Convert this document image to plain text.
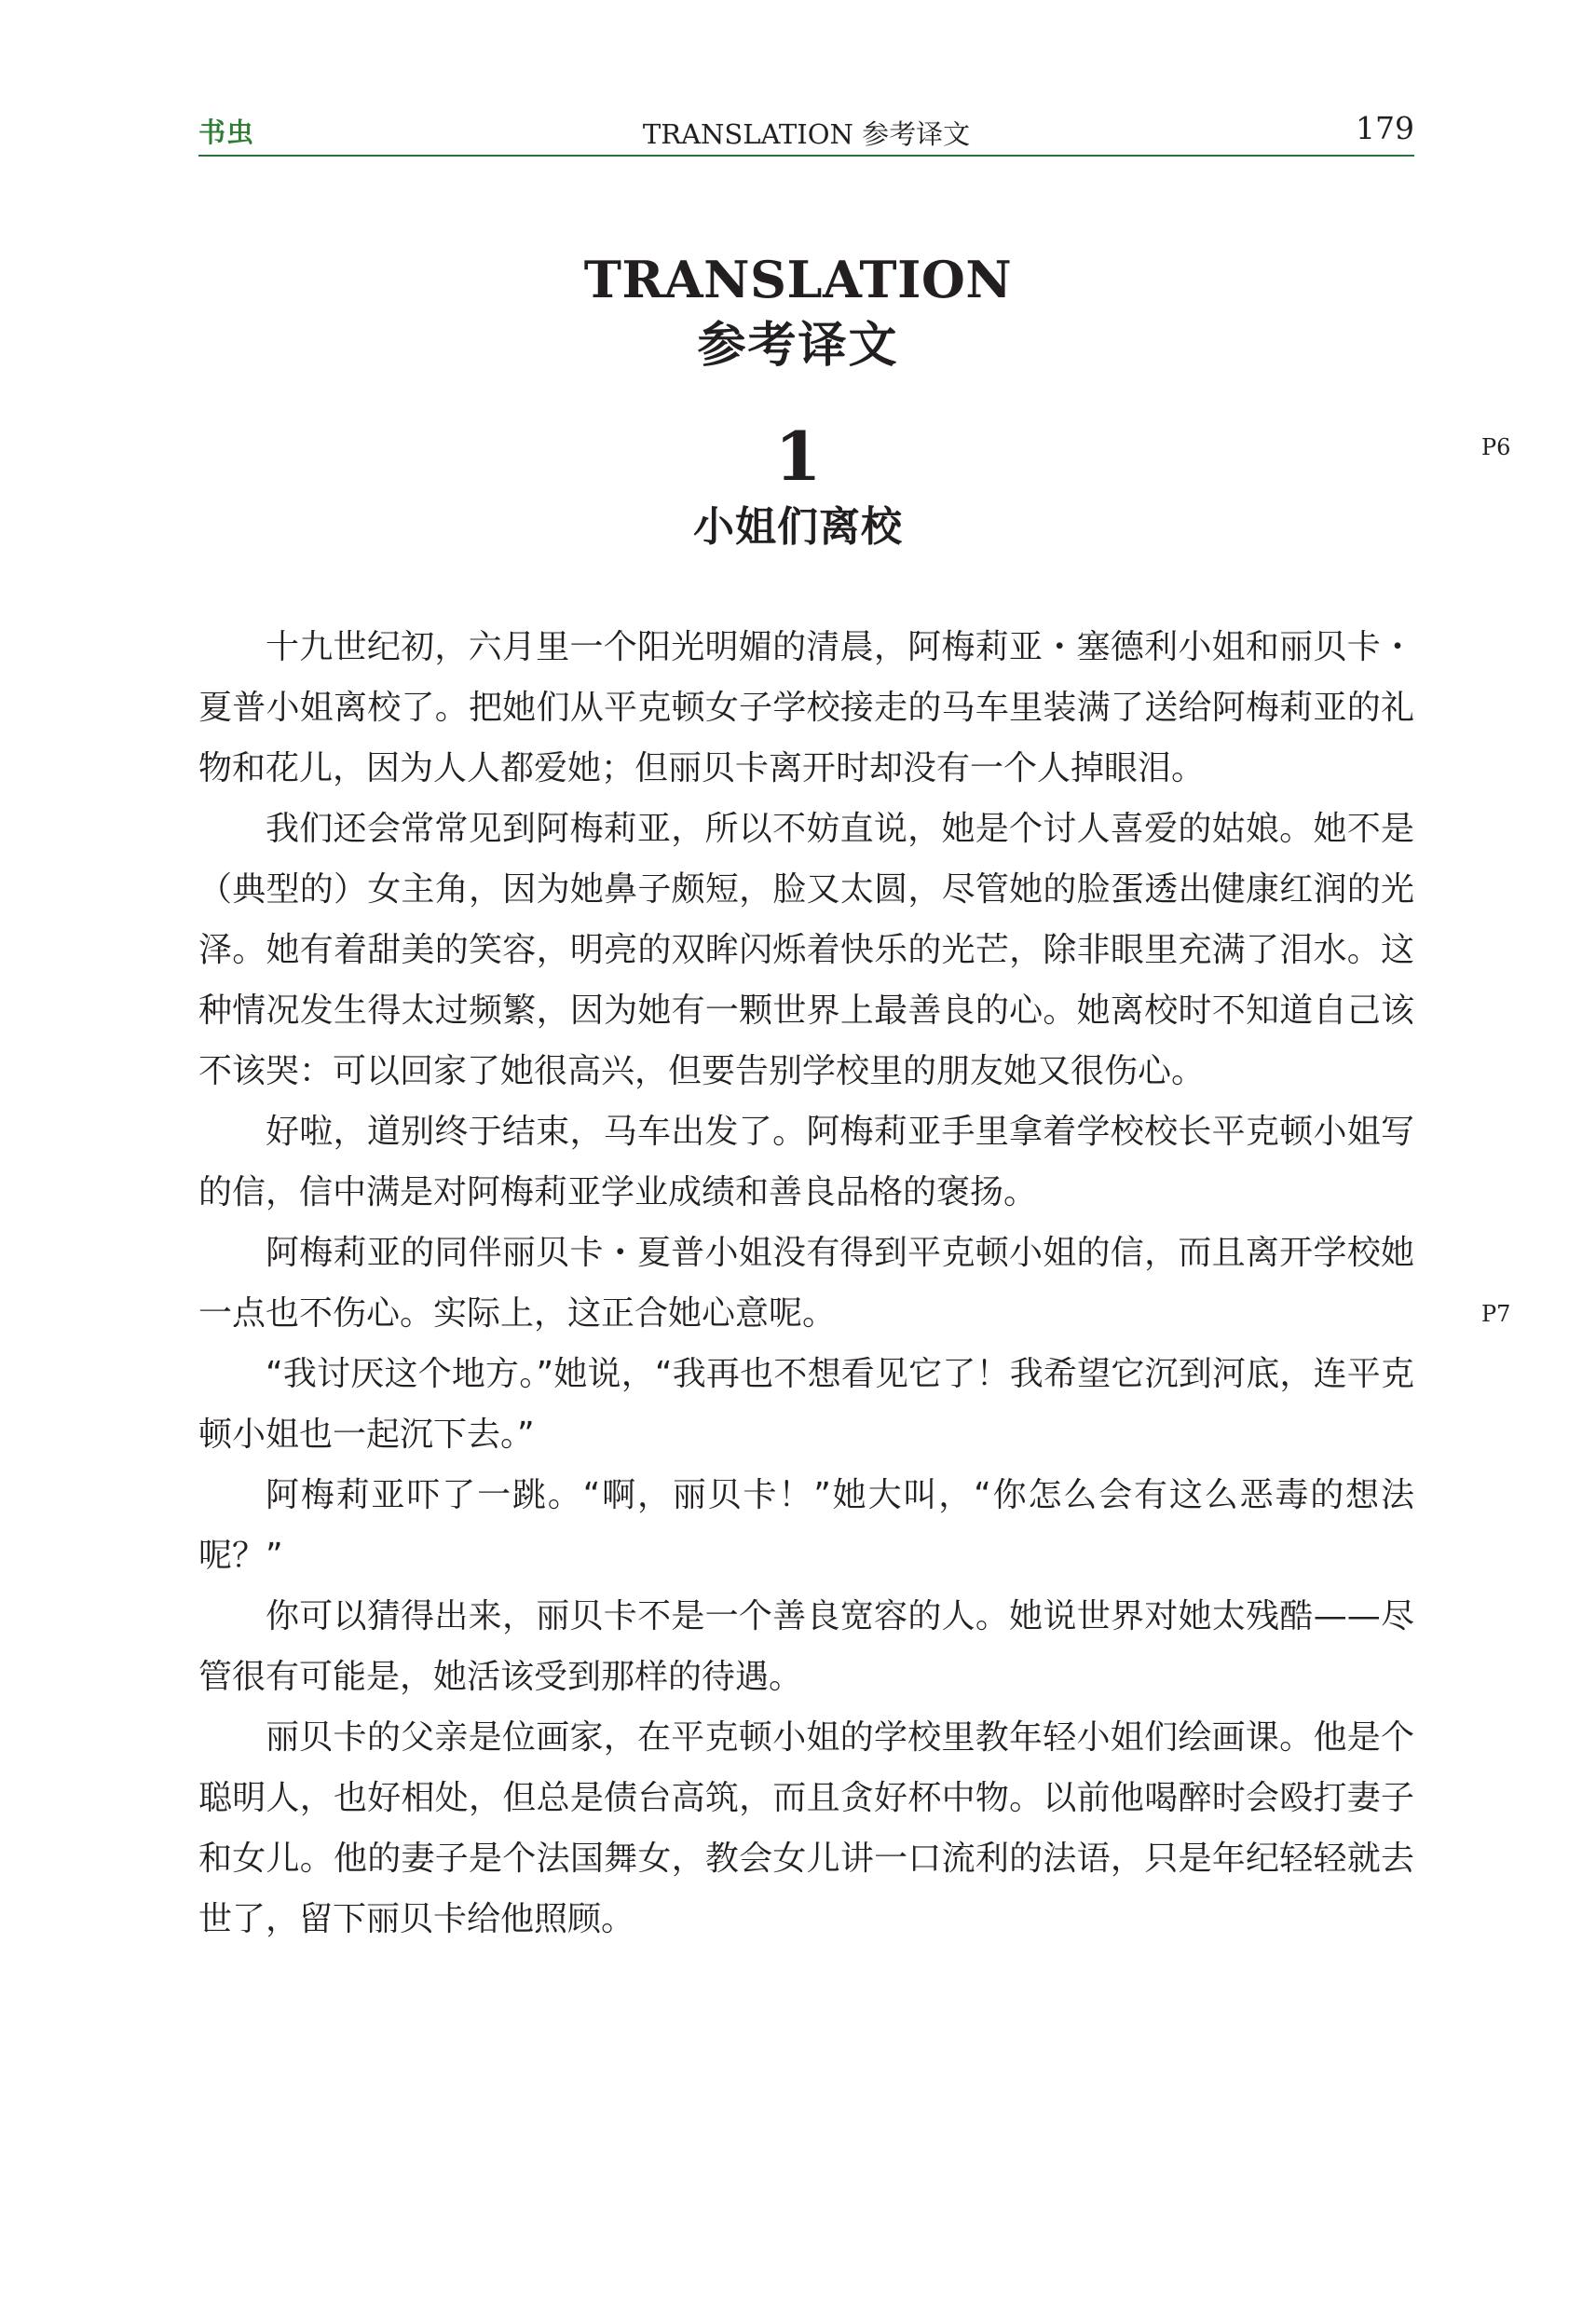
书虫	TRANSLATION 参考译文	179
TRANSLATION
参考译文
1
小姐们离校
P6
P7

十九世纪初，六月里一个阳光明媚的清晨，阿梅莉亚・塞德利小姐和丽贝卡・夏普小姐离校了。把她们从平克顿女子学校接走的马车里装满了送给阿梅莉亚的礼物和花儿，因为人人都爱她；但丽贝卡离开时却没有一个人掉眼泪。

我们还会常常见到阿梅莉亚，所以不妨直说，她是个讨人喜爱的姑娘。她不是（典型的）女主角，因为她鼻子颇短，脸又太圆，尽管她的脸蛋透出健康红润的光泽。她有着甜美的笑容，明亮的双眸闪烁着快乐的光芒，除非眼里充满了泪水。这种情况发生得太过频繁，因为她有一颗世界上最善良的心。她离校时不知道自己该不该哭：可以回家了她很高兴，但要告别学校里的朋友她又很伤心。

好啦，道别终于结束，马车出发了。阿梅莉亚手里拿着学校校长平克顿小姐写的信，信中满是对阿梅莉亚学业成绩和善良品格的褒扬。

阿梅莉亚的同伴丽贝卡・夏普小姐没有得到平克顿小姐的信，而且离开学校她一点也不伤心。实际上，这正合她心意呢。

“我讨厌这个地方。”她说，“我再也不想看见它了！我希望它沉到河底，连平克顿小姐也一起沉下去。”

阿梅莉亚吓了一跳。“啊，丽贝卡！”她大叫，“你怎么会有这么恶毒的想法呢？”

你可以猜得出来，丽贝卡不是一个善良宽容的人。她说世界对她太残酷——尽管很有可能是，她活该受到那样的待遇。

丽贝卡的父亲是位画家，在平克顿小姐的学校里教年轻小姐们绘画课。他是个聪明人，也好相处，但总是债台高筑，而且贪好杯中物。以前他喝醉时会殴打妻子和女儿。他的妻子是个法国舞女，教会女儿讲一口流利的法语，只是年纪轻轻就去世了，留下丽贝卡给他照顾。
